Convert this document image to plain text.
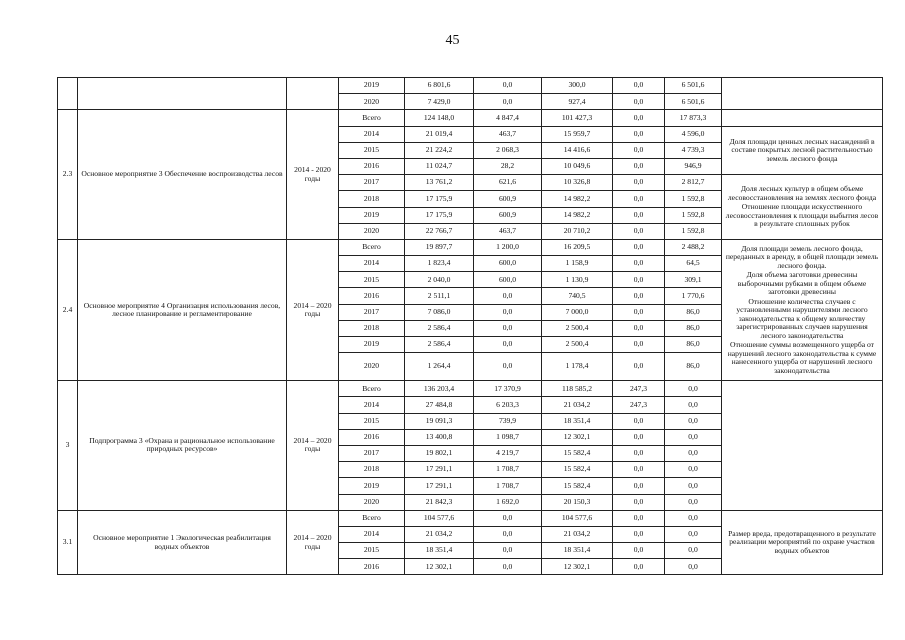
45
			2019	6 801,6	0,0	300,0	0,0	6 501,6	
			2020	7 429,0	0,0	927,4	0,0	6 501,6	
2.3	Основное мероприятие 3 Обеспечение воспроизводства лесов	2014 - 2020 годы	Всего	124 148,0	4 847,4	101 427,3	0,0	17 873,3	
			2014	21 019,4	463,7	15 959,7	0,0	4 596,0	Доля площади ценных лесных насаждений в составе покрытых лесной растительностью земель лесного фонда
			2015	21 224,2	2 068,3	14 416,6	0,0	4 739,3	
			2016	11 024,7	28,2	10 049,6	0,0	946,9	
			2017	13 761,2	621,6	10 326,8	0,0	2 812,7	Доля лесных культур в общем объеме лесовосстановления на землях лесного фонда
Отношение площади искусственного лесовосстановления к площади выбытия лесов в результате сплошных рубок

			2018	17 175,9	600,9	14 982,2	0,0	1 592,8	
			2019	17 175,9	600,9	14 982,2	0,0	1 592,8	
			2020	22 766,7	463,7	20 710,2	0,0	1 592,8	
2.4	Основное мероприятие 4 Организация использования лесов, лесное планирование и регламентирование	2014 – 2020 годы	Всего	19 897,7	1 200,0	16 209,5	0,0	2 488,2	Доля площади земель лесного фонда, переданных в аренду, в общей площади земель лесного фонда.
Доля объема заготовки древесины выборочными рубками в общем объеме заготовки древесины
Отношение количества случаев с установленными нарушителями лесного законодательства к общему количеству зарегистрированных случаев нарушения лесного законодательства
Отношение суммы возмещенного ущерба от нарушений лесного законодательства к сумме нанесенного ущерба от нарушений лесного законодательства

			2014	1 823,4	600,0	1 158,9	0,0	64,5	
			2015	2 040,0	600,0	1 130,9	0,0	309,1	
			2016	2 511,1	0,0	740,5	0,0	1 770,6	
			2017	7 086,0	0,0	7 000,0	0,0	86,0	
			2018	2 586,4	0,0	2 500,4	0,0	86,0	
			2019	2 586,4	0,0	2 500,4	0,0	86,0	
			2020	1 264,4	0,0	1 178,4	0,0	86,0	
3	Подпрограмма 3 «Охрана и рациональное использование природных ресурсов»	2014 – 2020 годы	Всего	136 203,4	17 370,9	118 585,2	247,3	0,0	
			2014	27 484,8	6 203,3	21 034,2	247,3	0,0	
			2015	19 091,3	739,9	18 351,4	0,0	0,0	
			2016	13 400,8	1 098,7	12 302,1	0,0	0,0	
			2017	19 802,1	4 219,7	15 582,4	0,0	0,0	
			2018	17 291,1	1 708,7	15 582,4	0,0	0,0	
			2019	17 291,1	1 708,7	15 582,4	0,0	0,0	
			2020	21 842,3	1 692,0	20 150,3	0,0	0,0	
3.1	Основное мероприятие 1 Экологическая реабилитация водных объектов	2014 – 2020 годы	Всего	104 577,6	0,0	104 577,6	0,0	0,0	Размер вреда, предотвращенного в результате реализации мероприятий по охране участков водных объектов
			2014	21 034,2	0,0	21 034,2	0,0	0,0	
			2015	18 351,4	0,0	18 351,4	0,0	0,0	
			2016	12 302,1	0,0	12 302,1	0,0	0,0	
